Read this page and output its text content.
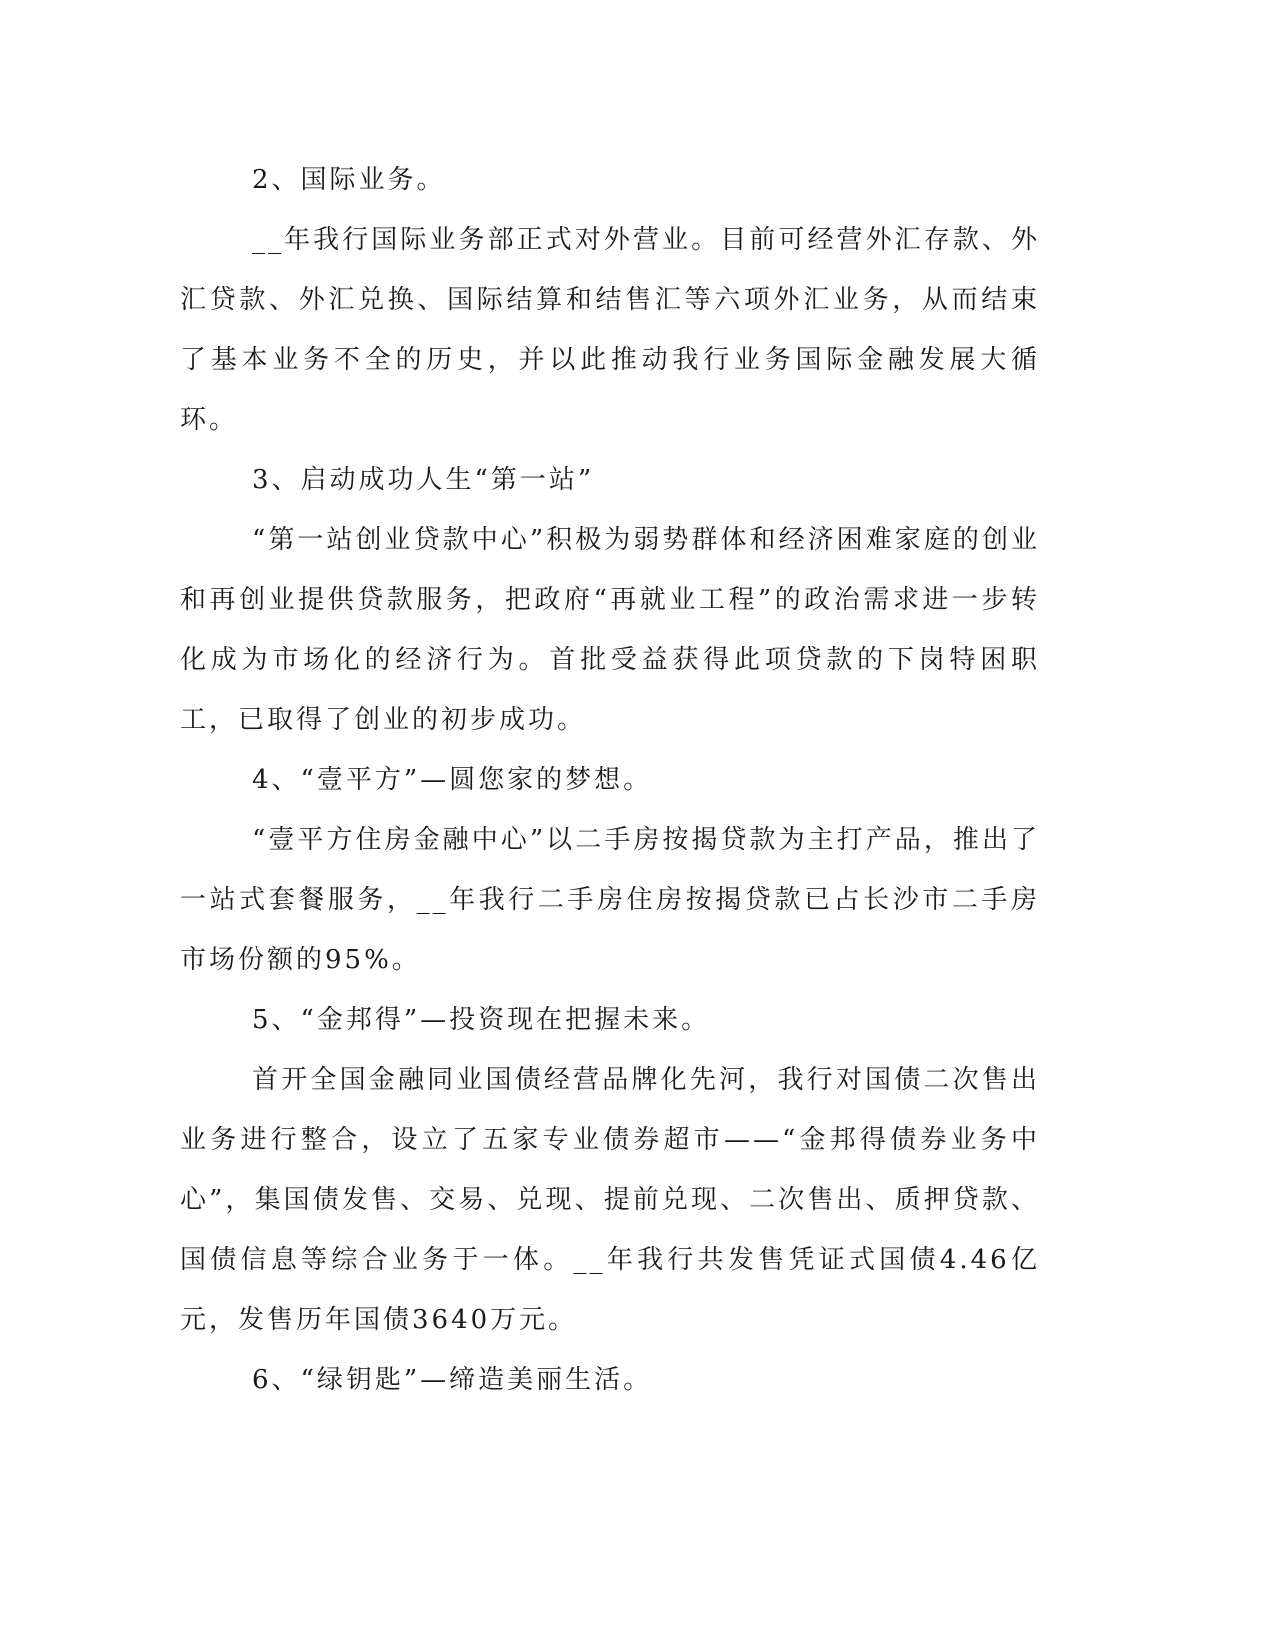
2、国际业务。

__年我行国际业务部正式对外营业。目前可经营外汇存款、外汇贷款、外汇兑换、国际结算和结售汇等六项外汇业务，从而结束了基本业务不全的历史，并以此推动我行业务国际金融发展大循环。

3、启动成功人生“第一站”

“第一站创业贷款中心”积极为弱势群体和经济困难家庭的创业和再创业提供贷款服务，把政府“再就业工程”的政治需求进一步转化成为市场化的经济行为。首批受益获得此项贷款的下岗特困职工，已取得了创业的初步成功。

4、“壹平方”—圆您家的梦想。

“壹平方住房金融中心”以二手房按揭贷款为主打产品，推出了一站式套餐服务，__年我行二手房住房按揭贷款已占长沙市二手房市场份额的95%。

5、“金邦得”—投资现在把握未来。

首开全国金融同业国债经营品牌化先河，我行对国债二次售出业务进行整合，设立了五家专业债券超市——“金邦得债券业务中心”，集国债发售、交易、兑现、提前兑现、二次售出、质押贷款、国债信息等综合业务于一体。__年我行共发售凭证式国债4.46亿元，发售历年国债3640万元。

6、“绿钥匙”—缔造美丽生活。
